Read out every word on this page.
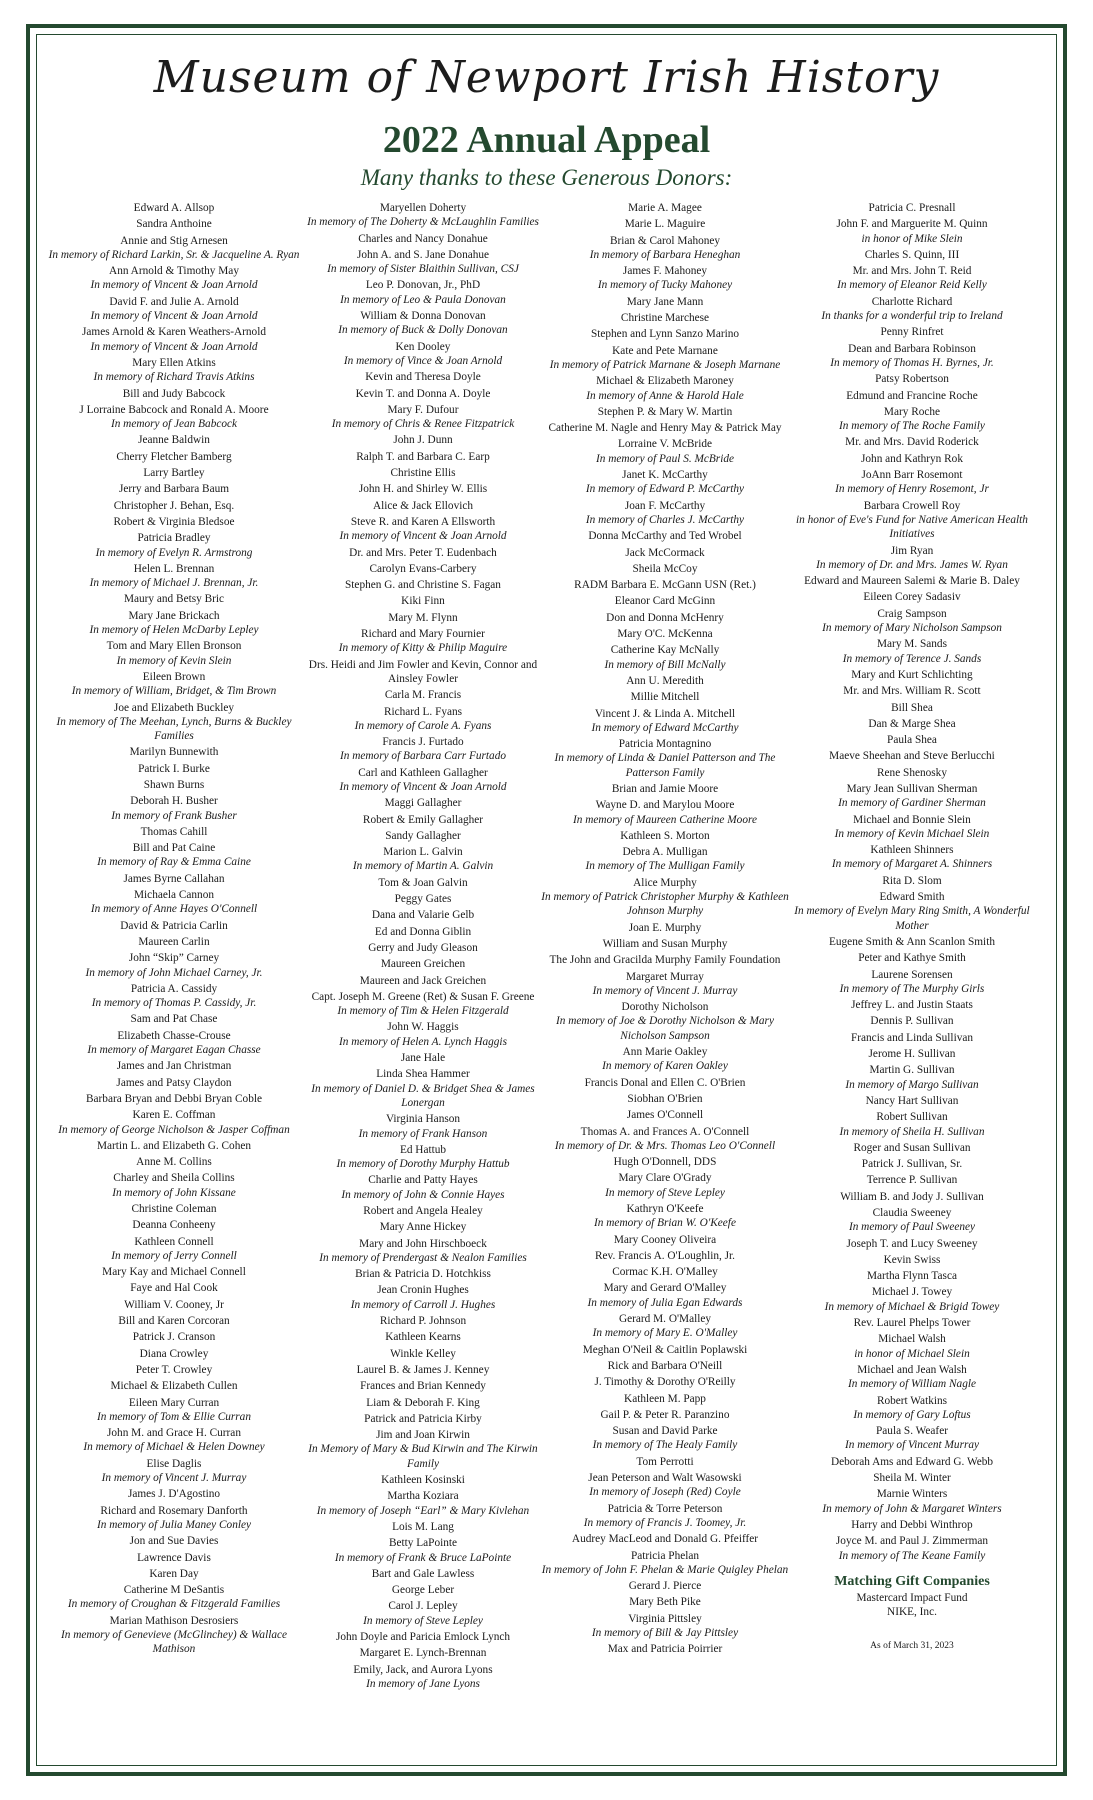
Museum of Newport Irish History
2022 Annual Appeal
Many thanks to these Generous Donors:
Edward A. Allsop
Sandra Anthoine
Annie and Stig Arnesen
In memory of Richard Larkin, Sr. & Jacqueline A. Ryan
Ann Arnold & Timothy May
In memory of Vincent & Joan Arnold
David F. and Julie A. Arnold
In memory of Vincent & Joan Arnold
James Arnold & Karen Weathers-Arnold
In memory of Vincent & Joan Arnold
Mary Ellen Atkins
In memory of Richard Travis Atkins
Bill and Judy Babcock
J Lorraine Babcock and Ronald A. Moore
In memory of Jean Babcock
Jeanne Baldwin
Cherry Fletcher Bamberg
Larry Bartley
Jerry and Barbara Baum
Christopher J. Behan, Esq.
Robert & Virginia Bledsoe
Patricia Bradley
In memory of Evelyn R. Armstrong
Helen L. Brennan
In memory of Michael J. Brennan, Jr.
Maury and Betsy Bric
Mary Jane Brickach
In memory of Helen McDarby Lepley
Tom and Mary Ellen Bronson
In memory of Kevin Slein
Eileen Brown
In memory of William, Bridget, & Tim Brown
Joe and Elizabeth Buckley
In memory of The Meehan, Lynch, Burns & Buckley Families
Marilyn Bunnewith
Patrick I. Burke
Shawn Burns
Deborah H. Busher
In memory of Frank Busher
Thomas Cahill
Bill and Pat Caine
In memory of Ray & Emma Caine
James Byrne Callahan
Michaela Cannon
In memory of Anne Hayes O'Connell
David & Patricia Carlin
Maureen Carlin
John “Skip” Carney
In memory of John Michael Carney, Jr.
Patricia A. Cassidy
In memory of Thomas P. Cassidy, Jr.
Sam and Pat Chase
Elizabeth Chasse-Crouse
In memory of Margaret Eagan Chasse
James and Jan Christman
James and Patsy Claydon
Barbara Bryan and Debbi Bryan Coble
Karen E. Coffman
In memory of George Nicholson & Jasper Coffman
Martin L. and Elizabeth G. Cohen
Anne M. Collins
Charley and Sheila Collins
In memory of John Kissane
Christine Coleman
Deanna Conheeny
Kathleen Connell
In memory of Jerry Connell
Mary Kay and Michael Connell
Faye and Hal Cook
William V. Cooney, Jr
Bill and Karen Corcoran
Patrick J. Cranson
Diana Crowley
Peter T. Crowley
Michael & Elizabeth Cullen
Eileen Mary Curran
In memory of Tom & Ellie Curran
John M. and Grace H. Curran
In memory of Michael & Helen Downey
Elise Daglis
In memory of Vincent J. Murray
James J. D'Agostino
Richard and Rosemary Danforth
In memory of Julia Maney Conley
Jon and Sue Davies
Lawrence Davis
Karen Day
Catherine M DeSantis
In memory of Croughan & Fitzgerald Families
Marian Mathison Desrosiers
In memory of Genevieve (McGlinchey) & Wallace Mathison
Maryellen Doherty
In memory of The Doherty & McLaughlin Families
Charles and Nancy Donahue
John A. and S. Jane Donahue
In memory of Sister Blaithin Sullivan, CSJ
Leo P. Donovan, Jr., PhD
In memory of Leo & Paula Donovan
William & Donna Donovan
In memory of Buck & Dolly Donovan
Ken Dooley
In memory of Vince & Joan Arnold
Kevin and Theresa Doyle
Kevin T. and Donna A. Doyle
Mary F. Dufour
In memory of Chris & Renee Fitzpatrick
John J. Dunn
Ralph T. and Barbara C. Earp
Christine Ellis
John H. and Shirley W. Ellis
Alice & Jack Ellovich
Steve R. and Karen A Ellsworth
In memory of Vincent & Joan Arnold
Dr. and Mrs. Peter T. Eudenbach
Carolyn Evans-Carbery
Stephen G. and Christine S. Fagan
Kiki Finn
Mary M. Flynn
Richard and Mary Fournier
In memory of Kitty & Philip Maguire
Drs. Heidi and Jim Fowler and Kevin, Connor and Ainsley Fowler
Carla M. Francis
Richard L. Fyans
In memory of Carole A. Fyans
Francis J. Furtado
In memory of Barbara Carr Furtado
Carl and Kathleen Gallagher
In memory of Vincent & Joan Arnold
Maggi Gallagher
Robert & Emily Gallagher
Sandy Gallagher
Marion L. Galvin
In memory of Martin A. Galvin
Tom & Joan Galvin
Peggy Gates
Dana and Valarie Gelb
Ed and Donna Giblin
Gerry and Judy Gleason
Maureen Greichen
Maureen and Jack Greichen
Capt. Joseph M. Greene (Ret) & Susan F. Greene
In memory of Tim & Helen Fitzgerald
John W. Haggis
In memory of Helen A. Lynch Haggis
Jane Hale
Linda Shea Hammer
In memory of Daniel D. & Bridget Shea & James Lonergan
Virginia Hanson
In memory of Frank Hanson
Ed Hattub
In memory of Dorothy Murphy Hattub
Charlie and Patty Hayes
In memory of John & Connie Hayes
Robert and Angela Healey
Mary Anne Hickey
Mary and John Hirschboeck
In memory of Prendergast & Nealon Families
Brian & Patricia D. Hotchkiss
Jean Cronin Hughes
In memory of Carroll J. Hughes
Richard P. Johnson
Kathleen Kearns
Winkle Kelley
Laurel B. & James J. Kenney
Frances and Brian Kennedy
Liam & Deborah F. King
Patrick and Patricia Kirby
Jim and Joan Kirwin
In Memory of Mary & Bud Kirwin and The Kirwin Family
Kathleen Kosinski
Martha Koziara
In memory of Joseph “Earl” & Mary Kivlehan
Lois M. Lang
Betty LaPointe
In memory of Frank & Bruce LaPointe
Bart and Gale Lawless
George Leber
Carol J. Lepley
In memory of Steve Lepley
John Doyle and Paricia Emlock Lynch
Margaret E. Lynch-Brennan
Emily, Jack, and Aurora Lyons
In memory of Jane Lyons
Marie A. Magee
Marie L. Maguire
Brian & Carol Mahoney
In memory of Barbara Heneghan
James F. Mahoney
In memory of Tucky Mahoney
Mary Jane Mann
Christine Marchese
Stephen and Lynn Sanzo Marino
Kate and Pete Marnane
In memory of Patrick Marnane & Joseph Marnane
Michael & Elizabeth Maroney
In memory of Anne & Harold Hale
Stephen P. & Mary W. Martin
Catherine M. Nagle and Henry May & Patrick May
Lorraine V. McBride
In memory of Paul S. McBride
Janet K. McCarthy
In memory of Edward P. McCarthy
Joan F. McCarthy
In memory of Charles J. McCarthy
Donna McCarthy and Ted Wrobel
Jack McCormack
Sheila McCoy
RADM Barbara E. McGann USN (Ret.)
Eleanor Card McGinn
Don and Donna McHenry
Mary O'C. McKenna
Catherine Kay McNally
In memory of Bill McNally
Ann U. Meredith
Millie Mitchell
Vincent J. & Linda A. Mitchell
In memory of Edward McCarthy
Patricia Montagnino
In memory of Linda & Daniel Patterson and The Patterson Family
Brian and Jamie Moore
Wayne D. and Marylou Moore
In memory of Maureen Catherine Moore
Kathleen S. Morton
Debra A. Mulligan
In memory of The Mulligan Family
Alice Murphy
In memory of Patrick Christopher Murphy & Kathleen Johnson Murphy
Joan E. Murphy
William and Susan Murphy
The John and Gracilda Murphy Family Foundation
Margaret Murray
In memory of Vincent J. Murray
Dorothy Nicholson
In memory of Joe & Dorothy Nicholson & Mary Nicholson Sampson
Ann Marie Oakley
In memory of Karen Oakley
Francis Donal and Ellen C. O'Brien
Siobhan O'Brien
James O'Connell
Thomas A. and Frances A. O'Connell
In memory of Dr. & Mrs. Thomas Leo O'Connell
Hugh O'Donnell, DDS
Mary Clare O'Grady
In memory of Steve Lepley
Kathryn O'Keefe
In memory of Brian W. O'Keefe
Mary Cooney Oliveira
Rev. Francis A. O'Loughlin, Jr.
Cormac K.H. O'Malley
Mary and Gerard O'Malley
In memory of Julia Egan Edwards
Gerard M. O'Malley
In memory of Mary E. O'Malley
Meghan O'Neil & Caitlin Poplawski
Rick and Barbara O'Neill
J. Timothy & Dorothy O'Reilly
Kathleen M. Papp
Gail P. & Peter R. Paranzino
Susan and David Parke
In memory of The Healy Family
Tom Perrotti
Jean Peterson and Walt Wasowski
In memory of Joseph (Red) Coyle
Patricia & Torre Peterson
In memory of Francis J. Toomey, Jr.
Audrey MacLeod and Donald G. Pfeiffer
Patricia Phelan
In memory of John F. Phelan & Marie Quigley Phelan
Gerard J. Pierce
Mary Beth Pike
Virginia Pittsley
In memory of Bill & Jay Pittsley
Max and Patricia Poirrier
Patricia C. Presnall
John F. and Marguerite M. Quinn
in honor of Mike Slein
Charles S. Quinn, III
Mr. and Mrs. John T. Reid
In memory of Eleanor Reid Kelly
Charlotte Richard
In thanks for a wonderful trip to Ireland
Penny Rinfret
Dean and Barbara Robinson
In memory of Thomas H. Byrnes, Jr.
Patsy Robertson
Edmund and Francine Roche
Mary Roche
In memory of The Roche Family
Mr. and Mrs. David Roderick
John and Kathryn Rok
JoAnn Barr Rosemont
In memory of Henry Rosemont, Jr
Barbara Crowell Roy
in honor of Eve's Fund for Native American Health Initiatives
Jim Ryan
In memory of Dr. and Mrs. James W. Ryan
Edward and Maureen Salemi & Marie B. Daley
Eileen Corey Sadasiv
Craig Sampson
In memory of Mary Nicholson Sampson
Mary M. Sands
In memory of Terence J. Sands
Mary and Kurt Schlichting
Mr. and Mrs. William R. Scott
Bill Shea
Dan & Marge Shea
Paula Shea
Maeve Sheehan and Steve Berlucchi
Rene Shenosky
Mary Jean Sullivan Sherman
In memory of Gardiner Sherman
Michael and Bonnie Slein
In memory of Kevin Michael Slein
Kathleen Shinners
In memory of Margaret A. Shinners
Rita D. Slom
Edward Smith
In memory of Evelyn Mary Ring Smith, A Wonderful Mother
Eugene Smith & Ann Scanlon Smith
Peter and Kathye Smith
Laurene Sorensen
In memory of The Murphy Girls
Jeffrey L. and Justin Staats
Dennis P. Sullivan
Francis and Linda Sullivan
Jerome H. Sullivan
Martin G. Sullivan
In memory of Margo Sullivan
Nancy Hart Sullivan
Robert Sullivan
In memory of Sheila H. Sullivan
Roger and Susan Sullivan
Patrick J. Sullivan, Sr.
Terrence P. Sullivan
William B. and Jody J. Sullivan
Claudia Sweeney
In memory of Paul Sweeney
Joseph T. and Lucy Sweeney
Kevin Swiss
Martha Flynn Tasca
Michael J. Towey
In memory of Michael & Brigid Towey
Rev. Laurel Phelps Tower
Michael Walsh
in honor of Michael Slein
Michael and Jean Walsh
In memory of William Nagle
Robert Watkins
In memory of Gary Loftus
Paula S. Weafer
In memory of Vincent Murray
Deborah Ams and Edward G. Webb
Sheila M. Winter
Marnie Winters
In memory of John & Margaret Winters
Harry and Debbi Winthrop
Joyce M. and Paul J. Zimmerman
In memory of The Keane Family
Matching Gift Companies
Mastercard Impact Fund
NIKE, Inc.
As of March 31, 2023
